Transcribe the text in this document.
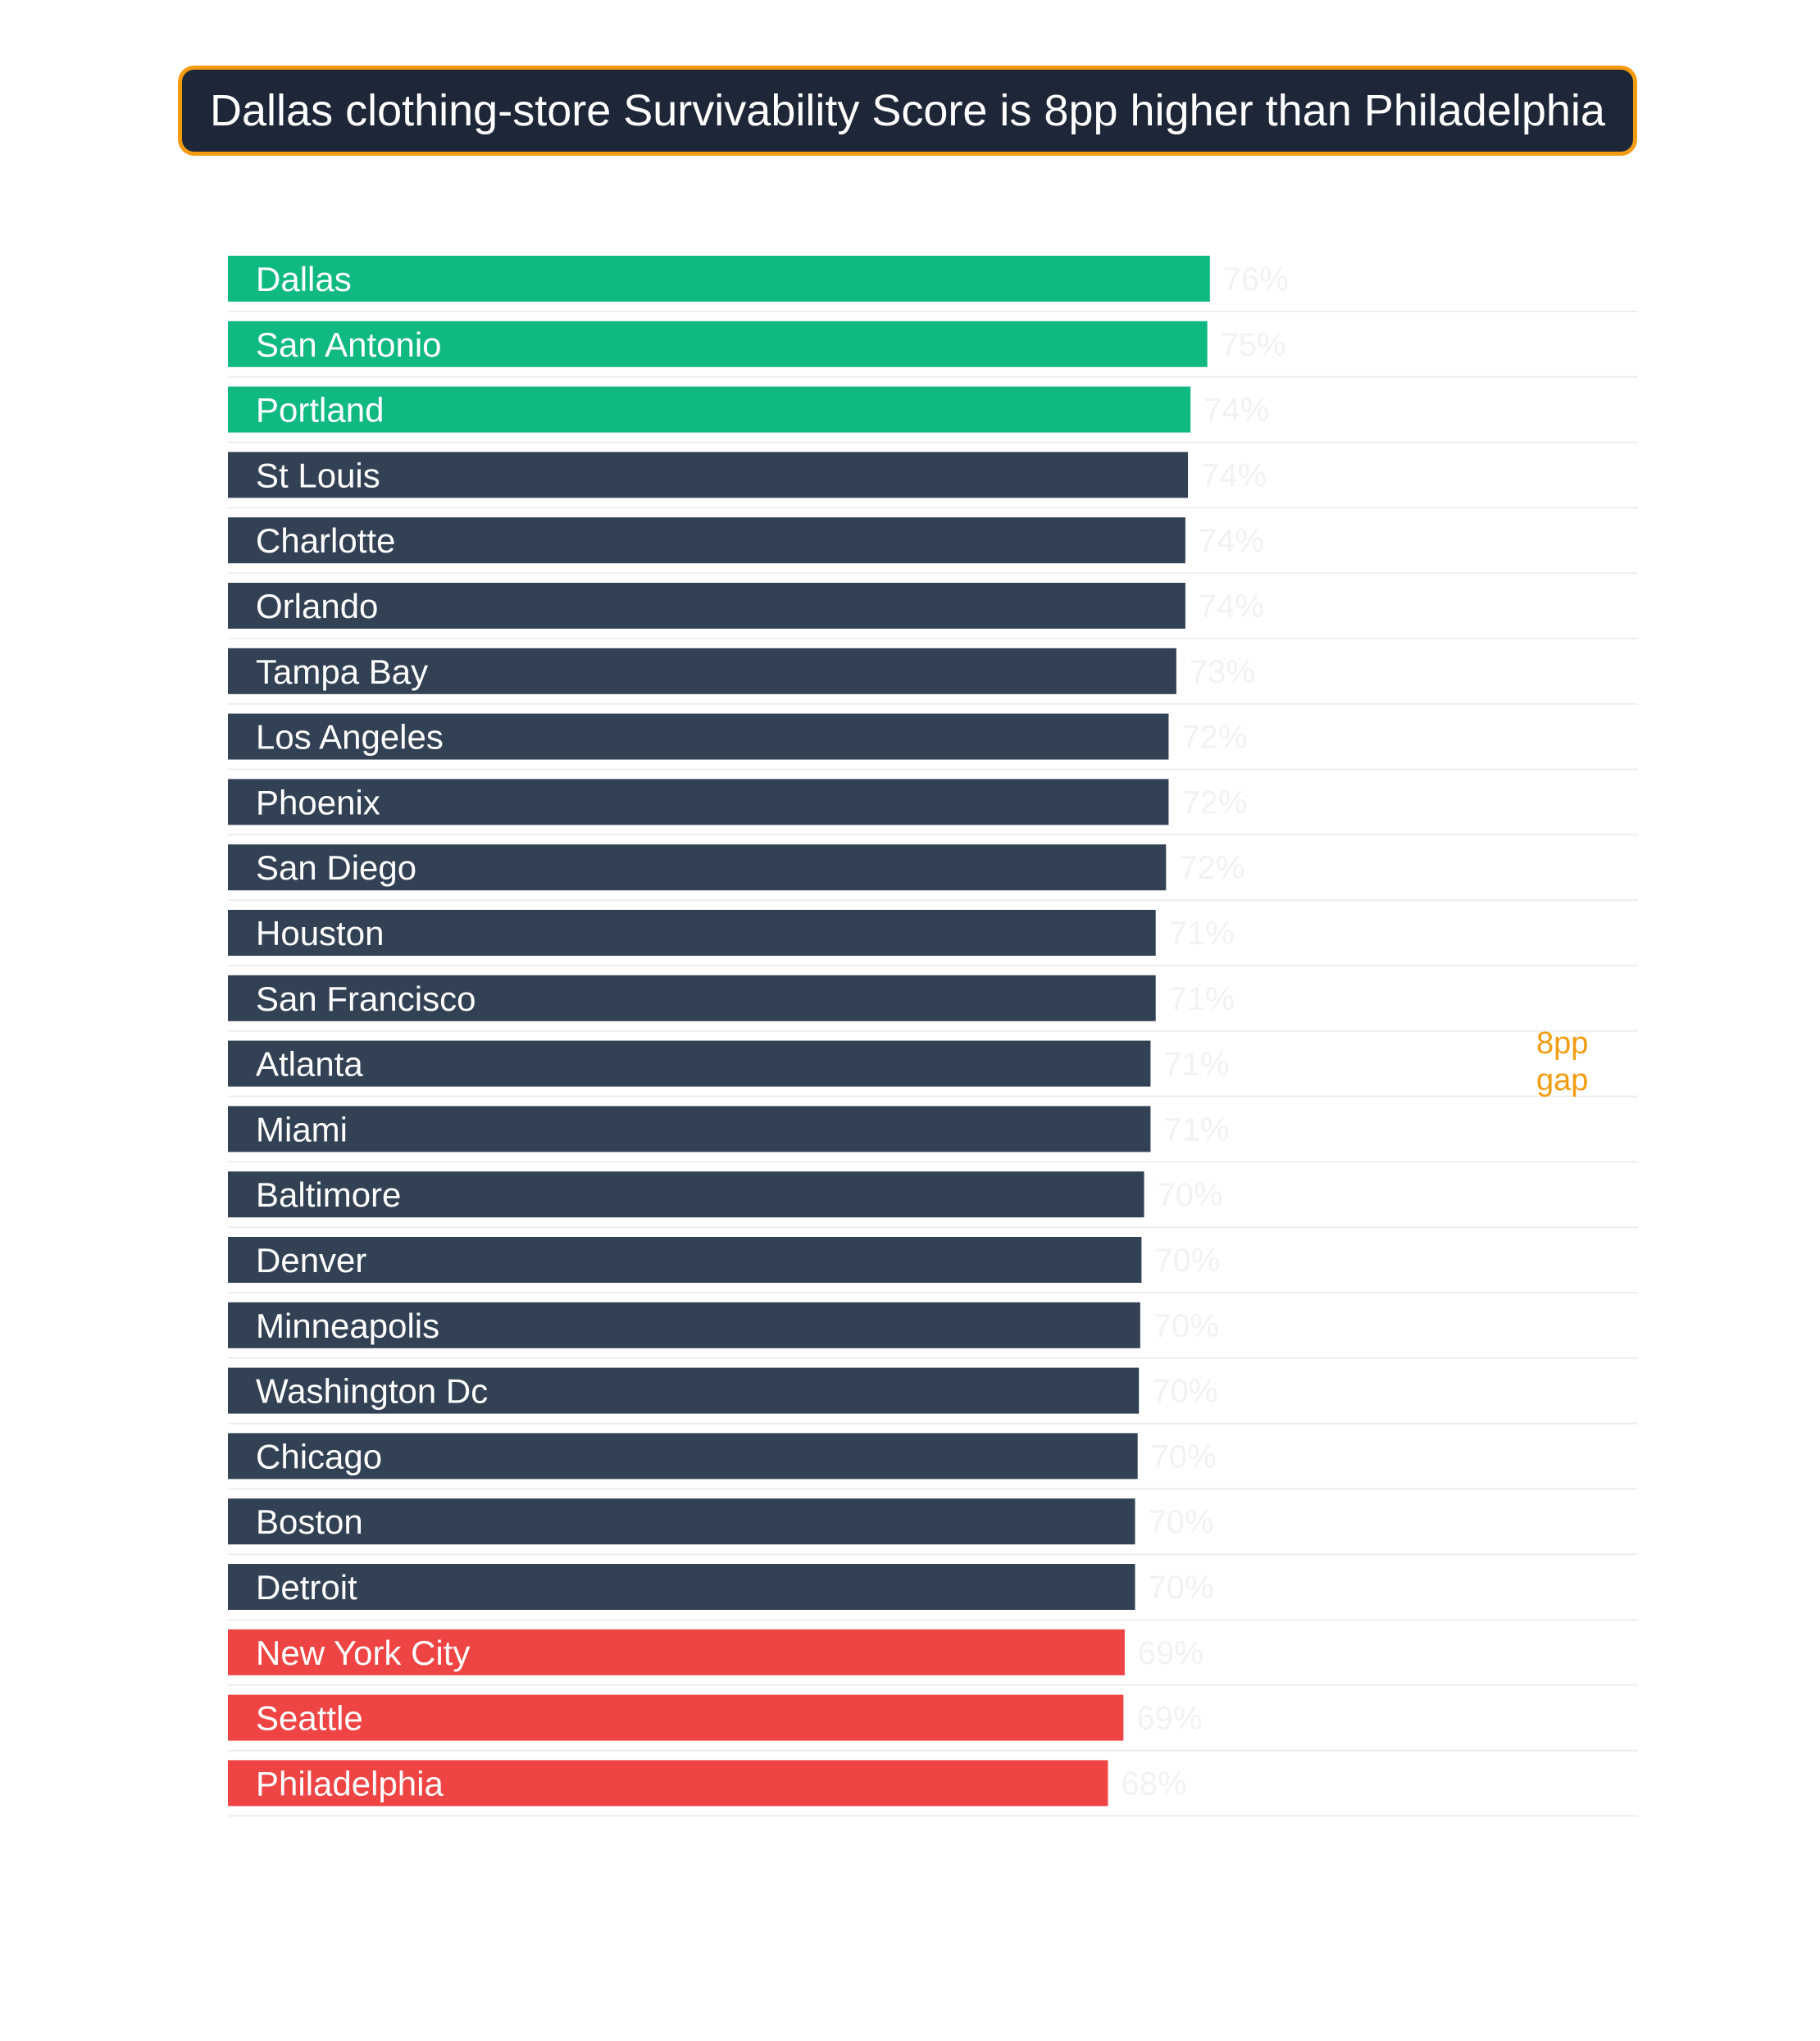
Dallas clothing-store Survivability Score is 8pp higher than Philadelphia
Dallas	76%
San Antonio	75%
Portland	74%
St Louis	74%
Charlotte	74%
Orlando	74%
Tampa Bay	73%
Los Angeles	72%
Phoenix	72%
San Diego	72%
Houston	71%
San Francisco	71%
Atlanta	71%
Miami	71%
Baltimore	70%
Denver	70%
Minneapolis	70%
Washington Dc	70%
Chicago	70%
Boston	70%
Detroit	70%
New York City	69%
Seattle	69%
Philadelphia	68%
8pp
gap
